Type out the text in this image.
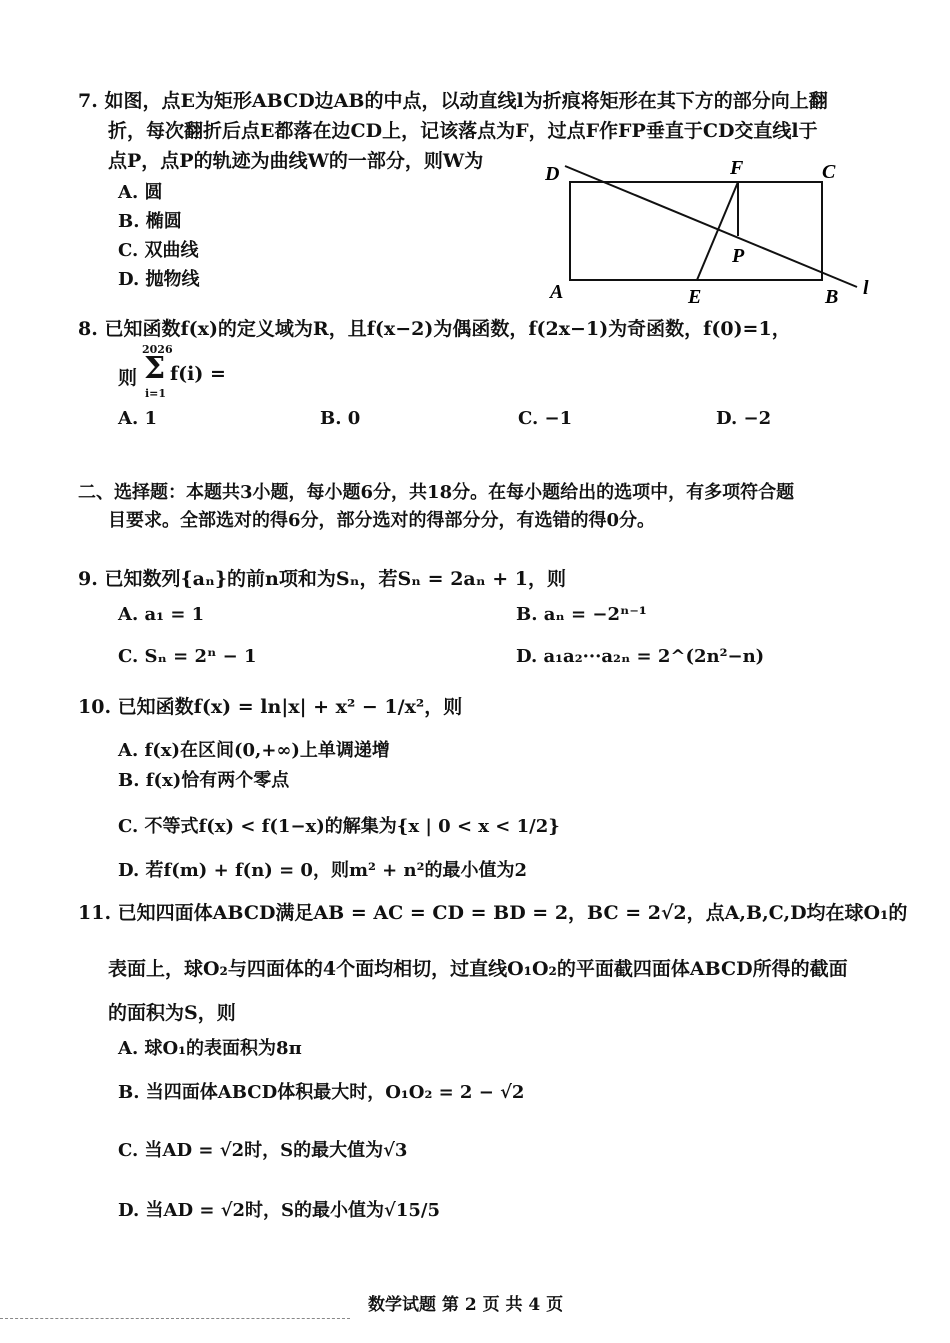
7. 如图，点E为矩形ABCD边AB的中点，以动直线l为折痕将矩形在其下方的部分向上翻
折，每次翻折后点E都落在边CD上，记该落点为F，过点F作FP垂直于CD交直线l于
点P，点P的轨迹为曲线W的一部分，则W为
A. 圆
B. 椭圆
C. 双曲线
D. 抛物线
D	F	C
P
A	E	B l
8. 已知函数f(x)的定义域为R，且f(x−2)为偶函数，f(2x−1)为奇函数，f(0)=1，
则
2026
Σ
i=1
f(i) =
A. 1	B. 0	C. −1	D. −2
二、选择题：本题共3小题，每小题6分，共18分。在每小题给出的选项中，有多项符合题
目要求。全部选对的得6分，部分选对的得部分分，有选错的得0分。
9. 已知数列{aₙ}的前n项和为Sₙ，若Sₙ = 2aₙ + 1，则
A. a₁ = 1	B. aₙ = −2ⁿ⁻¹
C. Sₙ = 2ⁿ − 1	D. a₁a₂···a₂ₙ = 2^(2n²−n)
10. 已知函数f(x) = ln|x| + x² − 1/x²，则
A. f(x)在区间(0,+∞)上单调递增
B. f(x)恰有两个零点
C. 不等式f(x) < f(1−x)的解集为{x | 0 < x < 1/2}
D. 若f(m) + f(n) = 0，则m² + n²的最小值为2
11. 已知四面体ABCD满足AB = AC = CD = BD = 2，BC = 2√2，点A,B,C,D均在球O₁的
表面上，球O₂与四面体的4个面均相切，过直线O₁O₂的平面截四面体ABCD所得的截面
的面积为S，则
A. 球O₁的表面积为8π
B. 当四面体ABCD体积最大时，O₁O₂ = 2 − √2
C. 当AD = √2时，S的最大值为√3
D. 当AD = √2时，S的最小值为√15/5
数学试题 第 2 页 共 4 页
